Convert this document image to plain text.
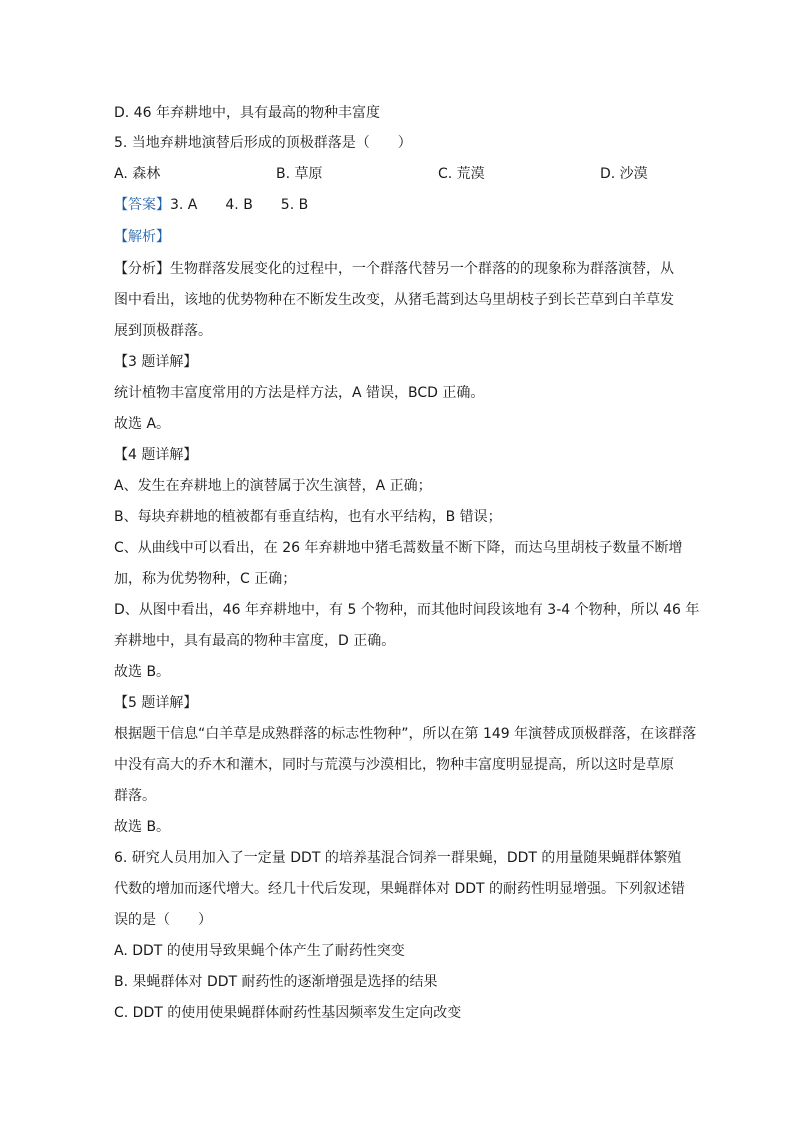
D. 46 年弃耕地中，具有最高的物种丰富度
5. 当地弃耕地演替后形成的顶极群落是（　　）
A. 森林	B. 草原	C. 荒漠	D. 沙漠
【答案】3. A　　4. B　　5. B
【解析】
【分析】生物群落发展变化的过程中，一个群落代替另一个群落的的现象称为群落演替，从
图中看出，该地的优势物种在不断发生改变，从猪毛蒿到达乌里胡枝子到长芒草到白羊草发
展到顶极群落。
【3 题详解】
统计植物丰富度常用的方法是样方法，A 错误，BCD 正确。
故选 A。
【4 题详解】
A、发生在弃耕地上的演替属于次生演替，A 正确；
B、每块弃耕地的植被都有垂直结构，也有水平结构，B 错误；
C、从曲线中可以看出，在 26 年弃耕地中猪毛蒿数量不断下降，而达乌里胡枝子数量不断增
加，称为优势物种，C 正确；
D、从图中看出，46 年弃耕地中，有 5 个物种，而其他时间段该地有 3-4 个物种，所以 46 年
弃耕地中，具有最高的物种丰富度，D 正确。
故选 B。
【5 题详解】
根据题干信息“白羊草是成熟群落的标志性物种”，所以在第 149 年演替成顶极群落，在该群落
中没有高大的乔木和灌木，同时与荒漠与沙漠相比，物种丰富度明显提高，所以这时是草原
群落。
故选 B。
6. 研究人员用加入了一定量 DDT 的培养基混合饲养一群果蝇，DDT 的用量随果蝇群体繁殖
代数的增加而逐代增大。经几十代后发现，果蝇群体对 DDT 的耐药性明显增强。下列叙述错
误的是（　　）
A. DDT 的使用导致果蝇个体产生了耐药性突变
B. 果蝇群体对 DDT 耐药性的逐渐增强是选择的结果
C. DDT 的使用使果蝇群体耐药性基因频率发生定向改变
